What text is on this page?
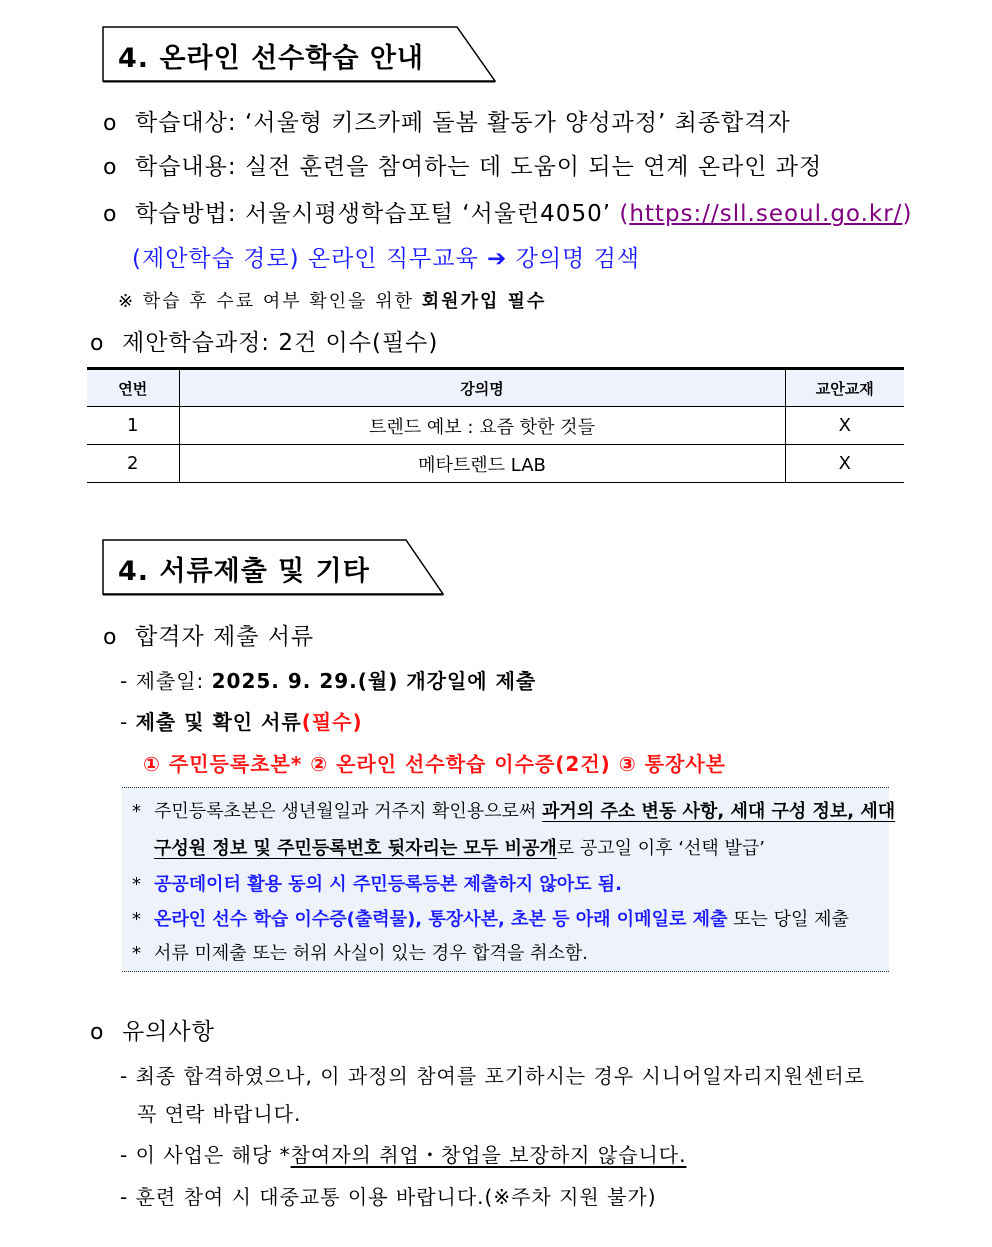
4. 온라인 선수학습 안내
o 학습대상: ‘서울형 키즈카페 돌봄 활동가 양성과정’ 최종합격자
o 학습내용: 실전 훈련을 참여하는 데 도움이 되는 연계 온라인 과정
o 학습방법: 서울시평생학습포털 ‘서울런4050’ (https://sll.seoul.go.kr/)
(제안학습 경로) 온라인 직무교육 ➔ 강의명 검색
※ 학습 후 수료 여부 확인을 위한 회원가입 필수
o 제안학습과정: 2건 이수(필수)
연번	강의명	교안교재
1	트렌드 예보 : 요즘 핫한 것들	X
2	메타트렌드 LAB	X
4. 서류제출 및 기타
o 합격자 제출 서류
- 제출일: 2025. 9. 29.(월) 개강일에 제출
- 제출 및 확인 서류(필수)
① 주민등록초본* ② 온라인 선수학습 이수증(2건) ③ 통장사본
* 주민등록초본은 생년월일과 거주지 확인용으로써 과거의 주소 변동 사항, 세대 구성 정보, 세대
구성원 정보 및 주민등록번호 뒷자리는 모두 비공개로 공고일 이후 ‘선택 발급’
* 공공데이터 활용 동의 시 주민등록등본 제출하지 않아도 됨.
* 온라인 선수 학습 이수증(출력물), 통장사본, 초본 등 아래 이메일로 제출 또는 당일 제출
* 서류 미제출 또는 허위 사실이 있는 경우 합격을 취소함.
o 유의사항
- 최종 합격하였으나, 이 과정의 참여를 포기하시는 경우 시니어일자리지원센터로
꼭 연락 바랍니다.
- 이 사업은 해당 *참여자의 취업・창업을 보장하지 않습니다.
- 훈련 참여 시 대중교통 이용 바랍니다.(※주차 지원 불가)
